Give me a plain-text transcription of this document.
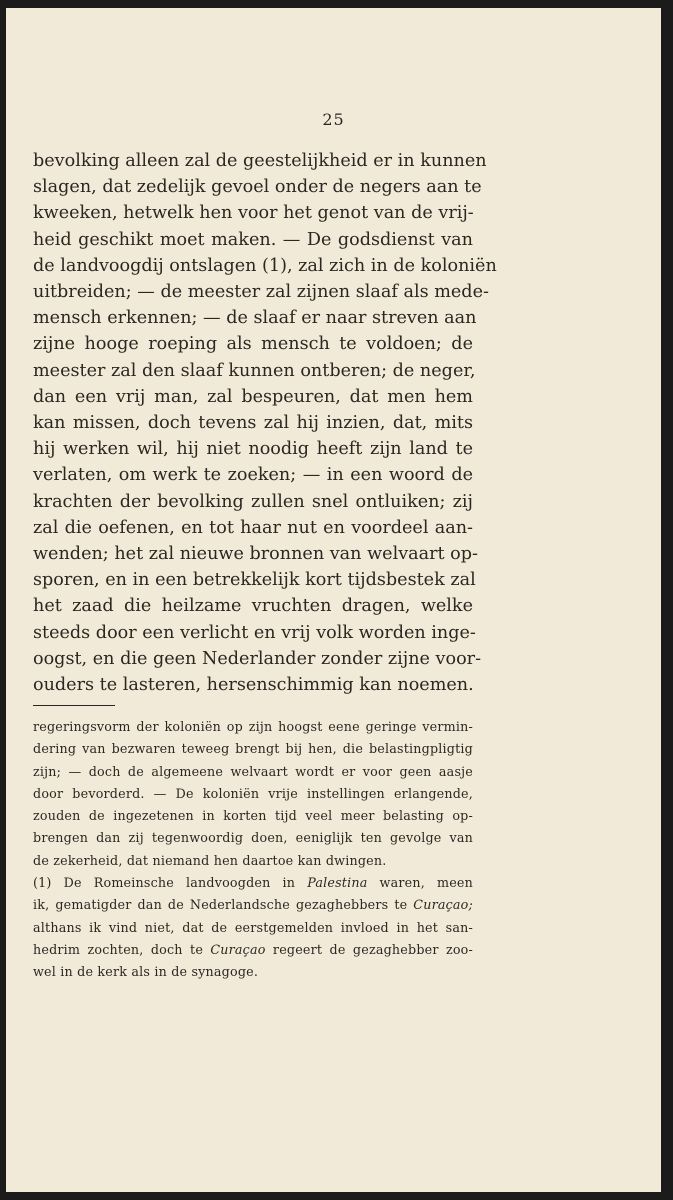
25
bevolking alleen zal de geestelijkheid er in kunnen
slagen, dat zedelijk gevoel onder de negers aan te
kweeken, hetwelk hen voor het genot van de vrij-
heid geschikt moet maken. — De godsdienst van
de landvoogdij ontslagen (1), zal zich in de koloniën
uitbreiden; — de meester zal zijnen slaaf als mede-
mensch erkennen; — de slaaf er naar streven aan
zijne hooge roeping als mensch te voldoen; de
meester zal den slaaf kunnen ontberen; de neger,
dan een vrij man, zal bespeuren, dat men hem
kan missen, doch tevens zal hij inzien, dat, mits
hij werken wil, hij niet noodig heeft zijn land te
verlaten, om werk te zoeken; — in een woord de
krachten der bevolking zullen snel ontluiken; zij
zal die oefenen, en tot haar nut en voordeel aan-
wenden; het zal nieuwe bronnen van welvaart op-
sporen, en in een betrekkelijk kort tijdsbestek zal
het zaad die heilzame vruchten dragen, welke
steeds door een verlicht en vrij volk worden inge-
oogst, en die geen Nederlander zonder zijne voor-
ouders te lasteren, hersenschimmig kan noemen.
regeringsvorm der koloniën op zijn hoogst eene geringe vermin-
dering van bezwaren teweeg brengt bij hen, die belastingpligtig
zijn; — doch de algemeene welvaart wordt er voor geen aasje
door bevorderd. — De koloniën vrije instellingen erlangende,
zouden de ingezetenen in korten tijd veel meer belasting op-
brengen dan zij tegenwoordig doen, eeniglijk ten gevolge van
de zekerheid, dat niemand hen daartoe kan dwingen.
(1) De Romeinsche landvoogden in Palestina waren, meen
ik, gematigder dan de Nederlandsche gezaghebbers te Curaçao;
althans ik vind niet, dat de eerstgemelden invloed in het san-
hedrim zochten, doch te Curaçao regeert de gezaghebber zoo-
wel in de kerk als in de synagoge.
